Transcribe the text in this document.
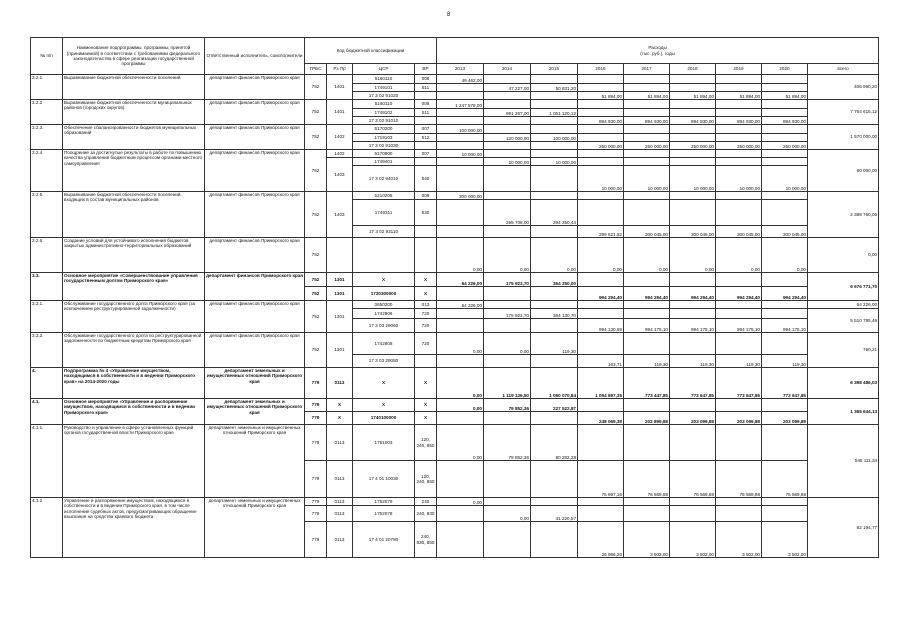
8
№ п/п	Наименование подпрограммы, программы, принятой (принимаемой) в соответствии с требованиями федерального законодательства в сфере реализации государственной программы	Ответственный исполнитель, соисполнители	Код бюджетной классификации				Расходы
(тыс. руб.), годы								

			ГРБС	Рз Пр	ЦСР	ВР	2013	2014	2015	2016	2017	2018	2019	2020	всего
3.2.1.	Выравнивание бюджетной обеспеченности поселений	департамент финансов Приморского края	752	1401	5160110	008	49 462,00								406 990,20
					1749101	511		47 227,00	50 831,20						
					17 3 02 91020					51 894,00	51 894,00	51 894,00	51 894,00	51 894,00	
3.2.2	Выравнивание бюджетной обеспеченности муниципальных районов (городских округов)	департамент финансов Приморского края	752	1401	5160110	008	1 247 578,00								7 764 615,12
					1749102	511		991 267,00	1 051 120,12						
					17 3 02 91010					894 930,00	894 930,00	894 930,00	894 930,00	894 930,00	
3.2.3.	Обеспечение сбалансированности бюджетов муниципальных образований	департамент финансов Приморского края	752	1402	5170200	007	100 000,00								1 570 000,00
					1719103	512		120 000,00	100 000,00						
					17 3 02 91030					250 000,00	250 000,00	250 000,00	250 000,00	250 000,00	
3.2.4.	Поощрение за достигнутые результаты в работе по повышению качества управления бюджетным процессом органами местного самоуправления	департамент финансов Приморского края	752	1402	5170800	007	10 000,00								80 000,00
				1403	1749401			10 000,00	10 000,00						
					17 3 02 94010	540				10 000,00	10 000,00	10 000,00	10 000,00	10 000,00	
3.2.5.	Выравнивание бюджетной обеспеченности поселений, входящих в состав муниципальных районов	департамент финансов Приморского края	752	1403	5210205	009	300 000,00								2 389 760,06
					1749311	530		295 708,00	294 250,44						
					17 3 02 93110					299 621,62	300 045,00	300 045,00	300 045,00	300 045,00	
3.2.6.	Создание условий для устойчивого исполнения бюджетов закрытых административно-территориальных образований	департамент финансов Приморского края	752				0,00	0,00	0,00	0,00	0,00	0,00	0,00	0,00	0,00
3.3.	Основное мероприятие «Совершенствование управления государственным долгом Приморского края»	департамент финансов Приморского края	752	1301	X	X	64 226,00	175 923,70	364 250,00						6 676 771,70
			752	1301	1730300000	X				994 294,40	994 294,40	994 294,40	994 294,40	994 294,40	
3.3.1.	Обслуживание государственного долга Приморского края (за исключением реструктурированной задолженности)	департамент финансов Приморского края	752	1301	0650200	013	64 226,00								64 226,00
					1742906	720		175 923,70	364 130,70						5 510 785,49
					17 3 03 29060	720				994 130,69	994 175,10	994 175,10	994 175,10	994 175,10	
3.3.2.	Обслуживание государственного долга по реструктурированной задолженности по бюджетным кредитам Приморского края	департамент финансов Приморского края	752	1301	1742908	720	0,00	0,00	119,30						760,21
					17 3 03 29080					163,71	119,30	119,30	119,30	119,30	
4.	Подпрограмма № 4 «Управление имуществом, находящимся в собственности и в ведении Приморского края» на 2014-2020 годы	департамент земельных и имущественных отношений Приморского края	779	0113	X	X	0,00	1 119 126,50	1 090 070,84	1 094 897,35	773 447,85	773 647,85	773 647,85	773 647,85	6 398 486,03
4.1.	Основное мероприятие «Управление и распоряжение имуществом, находящимся в собственности и в ведении Приморского края»	департамент земельных и имущественных отношений Приморского края	779	X	X	X	0,00	79 852,36	227 522,87						1 365 644,13
			779	X	1740100000	X				248 069,38	202 899,88	203 099,88	203 099,88	203 099,88	
4.1.1.	Руководство и управление в сфере установленных функций органов государственной власти Приморского края	департамент земельных и имущественных отношений Приморского края	779	0113	1751003	120, 240, 850	0,00	79 852,36	80 282,28						545 111,34
			779	0113	17 4 01 10030	120, 240, 850				76 697,16	76 569,88	76 569,88	76 569,88	76 569,88	
4.1.2.	Управление и распоряжение имуществом, находящимся в собственности и в ведении Приморского края, в том числе исполнение судебных актов, предусматривающих обращение взыскания на средства краевого бюджета	департамент земельных и имущественных отношений Приморского края	779	0113	1752079	240	0,00								82 194,77
			779	0113	1752078	240, 830		0,00	41 220,57						
			779	0113	17 4 01 20780	240, 830, 850				26 966,20	3 502,00	3 502,00	3 502,00	3 502,00	
